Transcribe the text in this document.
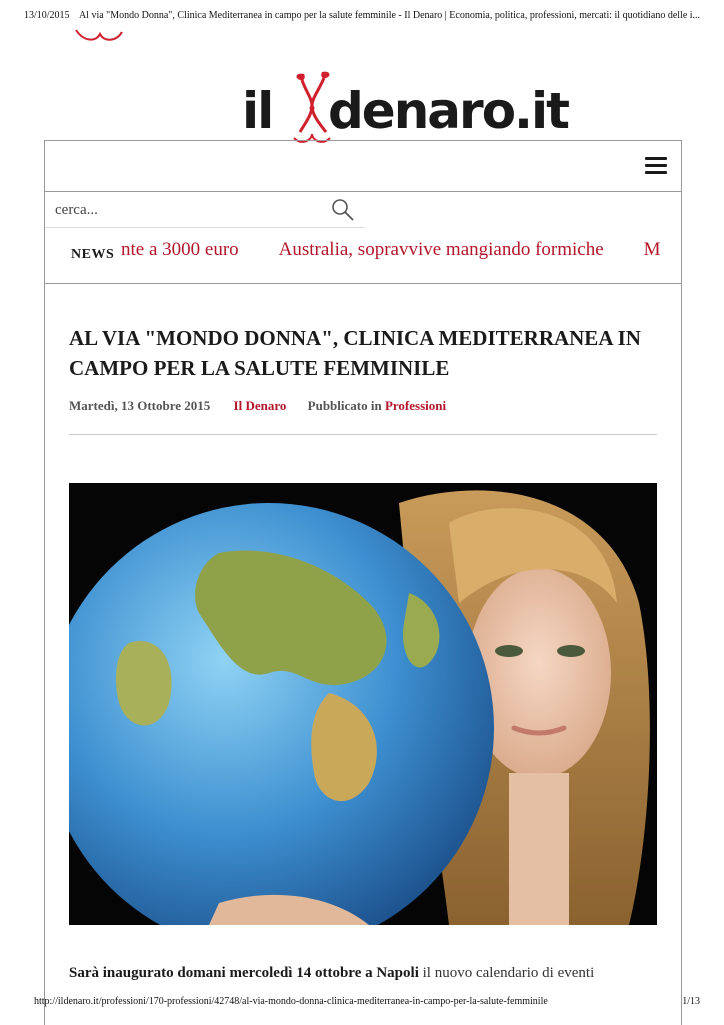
13/10/2015 Al via "Mondo Donna", Clinica Mediterranea in campo per la salute femminile - Il Denaro | Economia, politica, professioni, mercati: il quotidiano delle i...
il denaro.it
cerca...
NEWS nte a 3000 euro Australia, sopravvive mangiando formiche M
AL VIA "MONDO DONNA", CLINICA MEDITERRANEA IN CAMPO PER LA SALUTE FEMMINILE
Martedì, 13 Ottobre 2015 Il Denaro Pubblicato in Professioni
Sarà inaugurato domani mercoledì 14 ottobre a Napoli il nuovo calendario di eventi
http://ildenaro.it/professioni/170-professioni/42748/al-via-mondo-donna-clinica-mediterranea-in-campo-per-la-salute-femminile	1/13
